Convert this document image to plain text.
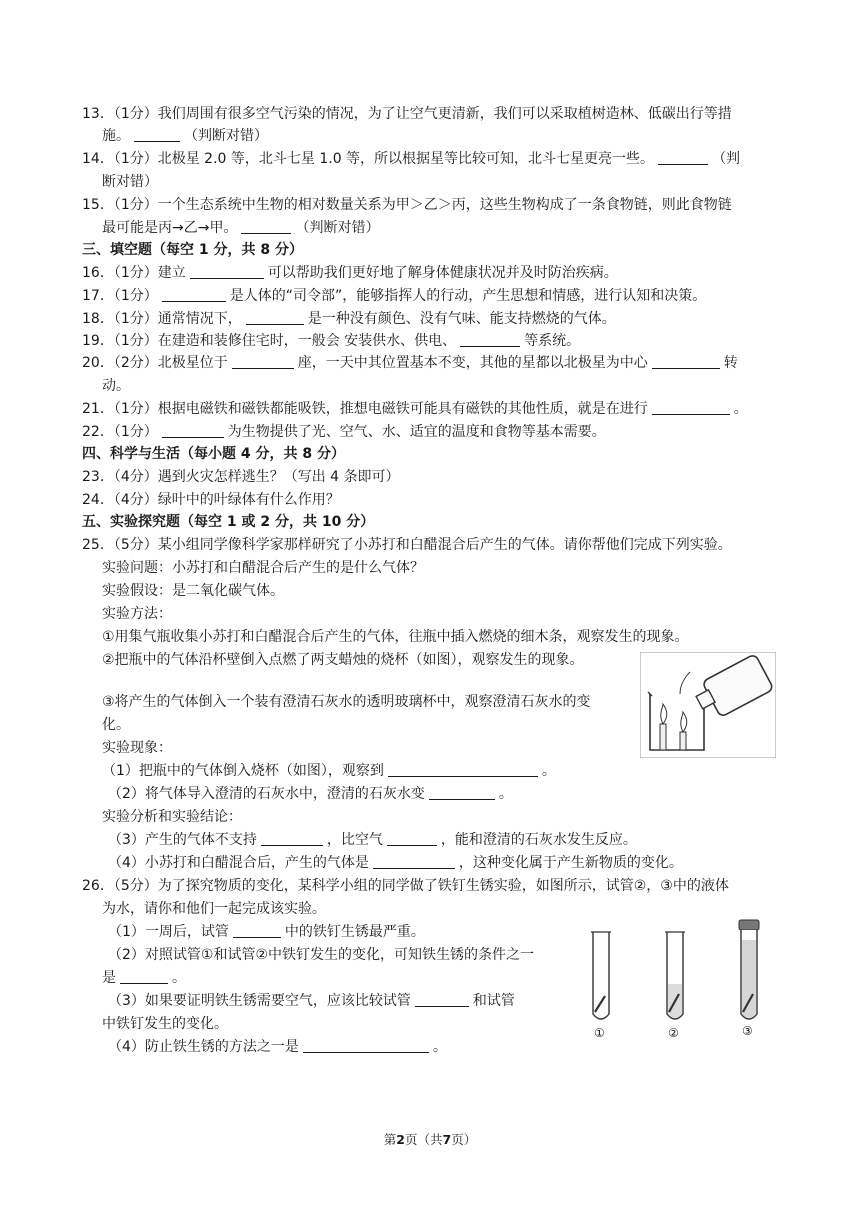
13．（1分）我们周围有很多空气污染的情况，为了让空气更清新，我们可以采取植树造林、低碳出行等措
施。	（判断对错）
14．（1分）北极星 2.0 等，北斗七星 1.0 等，所以根据星等比较可知，北斗七星更亮一些。	（判
断对错）
15．（1分）一个生态系统中生物的相对数量关系为甲＞乙＞丙，这些生物构成了一条食物链，则此食物链
最可能是丙→乙→甲。	（判断对错）
三、填空题（每空 1 分，共 8 分）
16．（1分）建立	可以帮助我们更好地了解身体健康状况并及时防治疾病。
17．（1分）	是人体的“司令部”，能够指挥人的行动，产生思想和情感，进行认知和决策。
18．（1分）通常情况下，	是一种没有颜色、没有气味、能支持燃烧的气体。
19．（1分）在建造和装修住宅时，一般会 安装供水、供电、	等系统。
20．（2分）北极星位于	座，一天中其位置基本不变，其他的星都以北极星为中心	转
动。
21．（1分）根据电磁铁和磁铁都能吸铁，推想电磁铁可能具有磁铁的其他性质，就是在进行	。
22．（1分）	为生物提供了光、空气、水、适宜的温度和食物等基本需要。
四、科学与生活（每小题 4 分，共 8 分）
23．（4分）遇到火灾怎样逃生？（写出 4 条即可）
24．（4分）绿叶中的叶绿体有什么作用？
五、实验探究题（每空 1 或 2 分，共 10 分）
25．（5分）某小组同学像科学家那样研究了小苏打和白醋混合后产生的气体。请你帮他们完成下列实验。
实验问题：小苏打和白醋混合后产生的是什么气体？
实验假设：是二氧化碳气体。
实验方法：
①用集气瓶收集小苏打和白醋混合后产生的气体，往瓶中插入燃烧的细木条，观察发生的现象。
②把瓶中的气体沿杯壁倒入点燃了两支蜡烛的烧杯（如图），观察发生的现象。
③将产生的气体倒入一个装有澄清石灰水的透明玻璃杯中，观察澄清石灰水的变
化。
实验现象：
（1）把瓶中的气体倒入烧杯（如图），观察到	。
（2）将气体导入澄清的石灰水中，澄清的石灰水变	。
实验分析和实验结论：
（3）产生的气体不支持	，比空气	，能和澄清的石灰水发生反应。
（4）小苏打和白醋混合后，产生的气体是	，这种变化属于产生新物质的变化。
26．（5分）为了探究物质的变化，某科学小组的同学做了铁钉生锈实验，如图所示，试管②，③中的液体
为水，请你和他们一起完成该实验。
（1）一周后，试管	中的铁钉生锈最严重。
（2）对照试管①和试管②中铁钉发生的变化，可知铁生锈的条件之一
是	。
（3）如果要证明铁生锈需要空气，应该比较试管	和试管
中铁钉发生的变化。
（4）防止铁生锈的方法之一是	。
①	②	③
第2页（共7页）
